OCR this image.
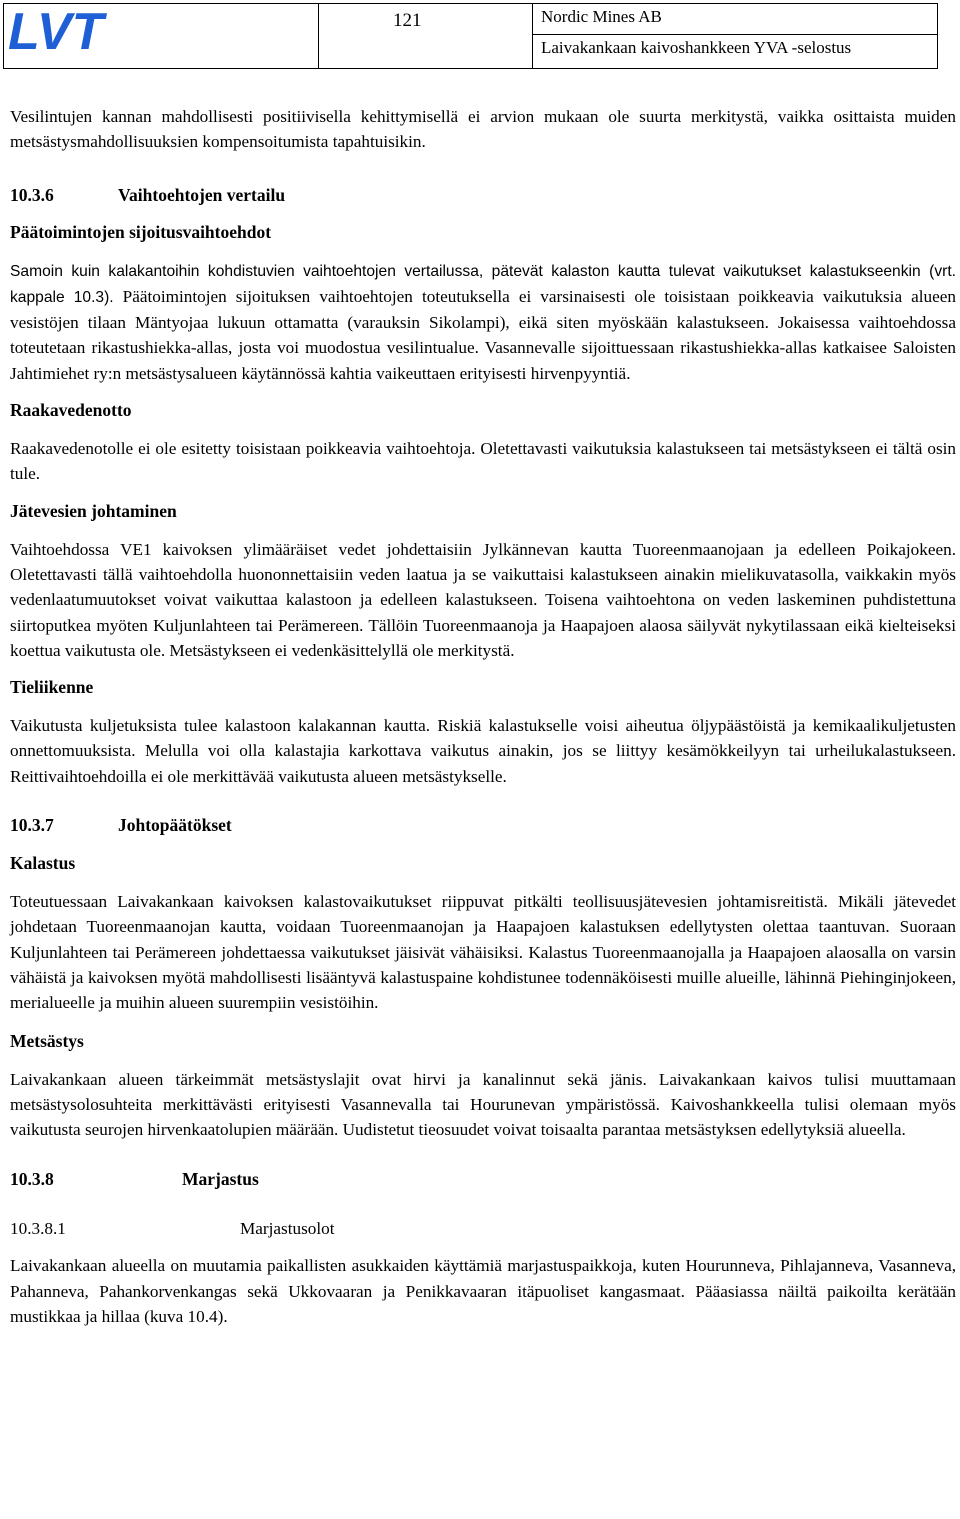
LVT	121	Nordic Mines AB
Laivakankaan kaivoshankkeen YVA -selostus

Vesilintujen kannan mahdollisesti positiivisella kehittymisellä ei arvion mukaan ole suurta merkitystä, vaikka osittaista muiden metsästysmahdollisuuksien kompensoitumista tapahtuisikin.

10.3.6	Vaihtoehtojen vertailu

Päätoimintojen sijoitusvaihtoehdot

Samoin kuin kalakantoihin kohdistuvien vaihtoehtojen vertailussa, pätevät kalaston kautta tulevat vaikutukset kalastukseenkin (vrt. kappale 10.3). Päätoimintojen sijoituksen vaihtoehtojen toteutuksella ei varsinaisesti ole toisistaan poikkeavia vaikutuksia alueen vesistöjen tilaan Mäntyojaa lukuun ottamatta (varauksin Sikolampi), eikä siten myöskään kalastukseen. Jokaisessa vaihtoehdossa toteutetaan rikastushiekka-allas, josta voi muodostua vesilintualue. Vasannevalle sijoittuessaan rikastushiekka-allas katkaisee Saloisten Jahtimiehet ry:n metsästysalueen käytännössä kahtia vaikeuttaen erityisesti hirvenpyyntiä.

Raakavedenotto

Raakavedenotolle ei ole esitetty toisistaan poikkeavia vaihtoehtoja. Oletettavasti vaikutuksia kalastukseen tai metsästykseen ei tältä osin tule.

Jätevesien johtaminen

Vaihtoehdossa VE1 kaivoksen ylimääräiset vedet johdettaisiin Jylkännevan kautta Tuoreenmaanojaan ja edelleen Poikajokeen. Oletettavasti tällä vaihtoehdolla huononnettaisiin veden laatua ja se vaikuttaisi kalastukseen ainakin mielikuvatasolla, vaikkakin myös vedenlaatumuutokset voivat vaikuttaa kalastoon ja edelleen kalastukseen. Toisena vaihtoehtona on veden laskeminen puhdistettuna siirtoputkea myöten Kuljunlahteen tai Perämereen. Tällöin Tuoreenmaanoja ja Haapajoen alaosa säilyvät nykytilassaan eikä kielteiseksi koettua vaikutusta ole. Metsästykseen ei vedenkäsittelyllä ole merkitystä.

Tieliikenne

Vaikutusta kuljetuksista tulee kalastoon kalakannan kautta. Riskiä kalastukselle voisi aiheutua öljypäästöistä ja kemikaalikuljetusten onnettomuuksista. Melulla voi olla kalastajia karkottava vaikutus ainakin, jos se liittyy kesämökkeilyyn tai urheilukalastukseen. Reittivaihtoehdoilla ei ole merkittävää vaikutusta alueen metsästykselle.

10.3.7	Johtopäätökset

Kalastus

Toteutuessaan Laivakankaan kaivoksen kalastovaikutukset riippuvat pitkälti teollisuusjätevesien johtamisreitistä. Mikäli jätevedet johdetaan Tuoreenmaanojan kautta, voidaan Tuoreenmaanojan ja Haapajoen kalastuksen edellytysten olettaa taantuvan. Suoraan Kuljunlahteen tai Perämereen johdettaessa vaikutukset jäisivät vähäisiksi. Kalastus Tuoreenmaanojalla ja Haapajoen alaosalla on varsin vähäistä ja kaivoksen myötä mahdollisesti lisääntyvä kalastuspaine kohdistunee todennäköisesti muille alueille, lähinnä Piehinginjokeen, merialueelle ja muihin alueen suurempiin vesistöihin.

Metsästys

Laivakankaan alueen tärkeimmät metsästyslajit ovat hirvi ja kanalinnut sekä jänis. Laivakankaan kaivos tulisi muuttamaan metsästysolosuhteita merkittävästi erityisesti Vasannevalla tai Hourunevan ympäristössä. Kaivoshankkeella tulisi olemaan myös vaikutusta seurojen hirvenkaatolupien määrään. Uudistetut tieosuudet voivat toisaalta parantaa metsästyksen edellytyksiä alueella.

10.3.8	Marjastus

10.3.8.1	Marjastusolot

Laivakankaan alueella on muutamia paikallisten asukkaiden käyttämiä marjastuspaikkoja, kuten Hourunneva, Pihlajanneva, Vasanneva, Pahanneva, Pahankorvenkangas sekä Ukkovaaran ja Penikkavaaran itäpuoliset kangasmaat. Pääasiassa näiltä paikoilta kerätään mustikkaa ja hillaa (kuva 10.4).
